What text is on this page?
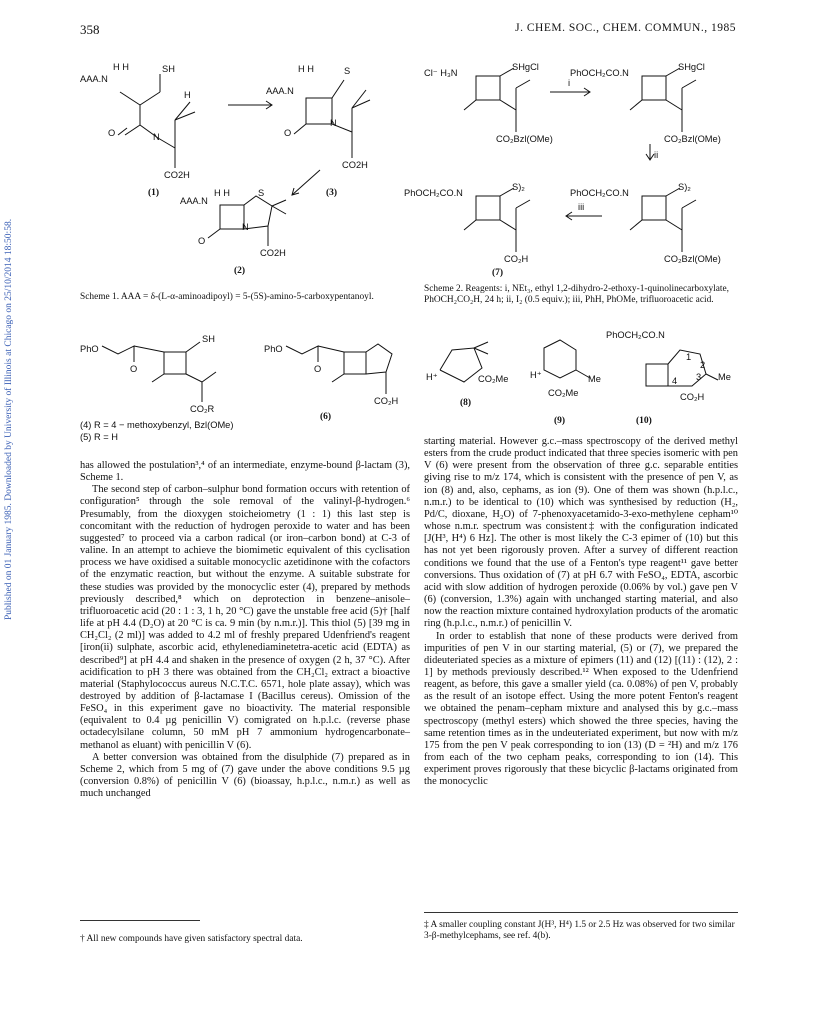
358	J. CHEM. SOC., CHEM. COMMUN., 1985
Published on 01 January 1985. Downloaded by University of Illinois at Chicago on 25/10/2014 18:50:58.
AAA.N
SH
H
O	N
CO2H
H H
(1)
AAA.N
S
O
N
CO2H
H H
(3)
AAA.N
S
O
N
CO2H
H H
(2)
Scheme 1. AAA = δ-(L-α-aminoadipoyl) = 5-(5S)-amino-5-carboxypentanoyl.
Cl⁻ H₃N
SHgCl
CO₂Bzl(OMe)
i
PhOCH₂CO.N
SHgCl
CO₂Bzl(OMe)
ii
PhOCH₂CO.N
S)₂
CO₂H
iii
PhOCH₂CO.N
S)₂
CO₂Bzl(OMe)
(7)
Scheme 2. Reagents: i, NEt₃, ethyl 1,2-dihydro-2-ethoxy-1-quinolinecarboxylate, PhOCH₂CO₂H, 24 h; ii, I₂ (0.5 equiv.); iii, PhH, PhOMe, trifluoroacetic acid.
PhO
SH
CO₂R
O
PhO
CO₂H
O
(6)
(4) R = 4 − methoxybenzyl, Bzl(OMe)
(5) R = H
H⁺	CO₂Me
(8)
H⁺	Me
CO₂Me
(9)
PhOCH₂CO.N
CO₂H
Me
1
2
3
4
(10)

has allowed the postulation³,⁴ of an intermediate, enzyme-bound β-lactam (3), Scheme 1.

The second step of carbon–sulphur bond formation occurs with retention of configuration⁵ through the sole removal of the valinyl-β-hydrogen.⁶ Presumably, from the dioxygen stoicheiometry (1 : 1) this last step is concomitant with the reduction of hydrogen peroxide to water and has been suggested⁷ to proceed via a carbon radical (or iron–carbon bond) at C-3 of valine. In an attempt to achieve the biomimetic equivalent of this cyclisation process we have oxidised a suitable monocyclic azetidinone with the cofactors of the enzymatic reaction, but without the enzyme. A suitable substrate for these studies was provided by the monocyclic ester (4), prepared by methods previously described,⁸ which on deprotection in benzene–anisole–trifluoroacetic acid (20 : 1 : 3, 1 h, 20 °C) gave the unstable free acid (5)† [half life at pH 4.4 (D₂O) at 20 °C is ca. 9 min (by n.m.r.)]. This thiol (5) [39 mg in CH₂Cl₂ (2 ml)] was added to 4.2 ml of freshly prepared Udenfriend's reagent [iron(ii) sulphate, ascorbic acid, ethylenediaminetetra-acetic acid (EDTA) as described⁹] at pH 4.4 and shaken in the presence of oxygen (2 h, 37 °C). After acidification to pH 3 there was obtained from the CH₂Cl₂ extract a bioactive material (Staphylococcus aureus N.C.T.C. 6571, hole plate assay), which was destroyed by addition of β-lactamase I (Bacillus cereus). Omission of the FeSO₄ in this experiment gave no bioactivity. The material responsible (equivalent to 0.4 µg penicillin V) comigrated on h.p.l.c. (reverse phase octadecylsilane column, 50 mM pH 7 ammonium hydrogencarbonate–methanol as eluant) with penicillin V (6).

A better conversion was obtained from the disulphide (7) prepared as in Scheme 2, which from 5 mg of (7) gave under the above conditions 9.5 µg (conversion 0.8%) of penicillin V (6) (bioassay, h.p.l.c., n.m.r.) as well as much unchanged

starting material. However g.c.–mass spectroscopy of the derived methyl esters from the crude product indicated that three species isomeric with pen V (6) were present from the observation of three g.c. separable entities giving rise to m/z 174, which is consistent with the presence of pen V, as ion (8) and, also, cephams, as ion (9). One of them was shown (h.p.l.c., n.m.r.) to be identical to (10) which was synthesised by reduction (H₂, Pd/C, dioxane, H₂O) of 7-phenoxyacetamido-3-exo-methylene cepham¹⁰ whose n.m.r. spectrum was consistent‡ with the configuration indicated [J(H³, H⁴) 6 Hz]. The other is most likely the C-3 epimer of (10) but this has not yet been rigorously proven. After a survey of different reaction conditions we found that the use of a Fenton's type reagent¹¹ gave better conversions. Thus oxidation of (7) at pH 6.7 with FeSO₄, EDTA, ascorbic acid with slow addition of hydrogen peroxide (0.06% by vol.) gave pen V (6) (conversion, 1.3%) again with unchanged starting material, and also now the reaction mixture contained hydroxylation products of the aromatic ring (h.p.l.c., n.m.r.) of penicillin V.

In order to establish that none of these products were derived from impurities of pen V in our starting material, (5) or (7), we prepared the dideuteriated species as a mixture of epimers (11) and (12) [(11) : (12), 2 : 1] by methods previously described.¹² When exposed to the Udenfriend reagent, as before, this gave a smaller yield (ca. 0.08%) of pen V, probably as the result of an isotope effect. Using the more potent Fenton's reagent we obtained the penam–cepham mixture and analysed this by g.c.–mass spectroscopy (methyl esters) which showed the three species, having the same retention times as in the undeuteriated experiment, but now with m/z 175 from the pen V peak corresponding to ion (13) (D = ²H) and m/z 176 from each of the two cepham peaks, corresponding to ion (14). This experiment proves rigorously that these bicyclic β-lactams originated from the monocyclic

† All new compounds have given satisfactory spectral data.
‡ A smaller coupling constant J(H³, H⁴) 1.5 or 2.5 Hz was observed for two similar 3-β-methylcephams, see ref. 4(b).
